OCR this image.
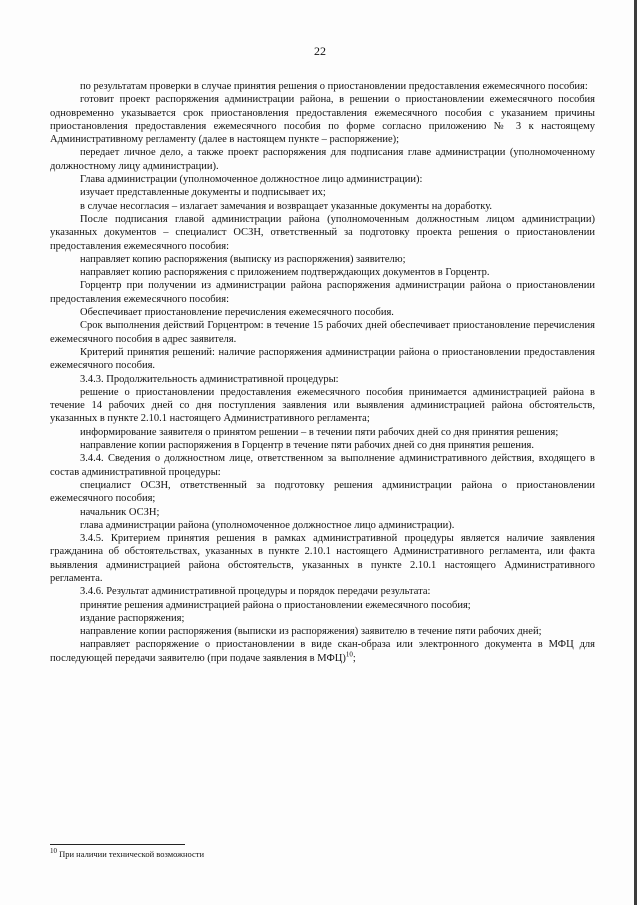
22

по результатам проверки в случае принятия решения о приостановлении предоставления ежемесячного пособия:

готовит проект распоряжения администрации района, в решении о приостановлении ежемесячного пособия одновременно указывается срок приостановления предоставления ежемесячного пособия с указанием причины приостановления предоставления ежемесячного пособия по форме согласно приложению № 3 к настоящему Административному регламенту (далее в настоящем пункте – распоряжение);

передает личное дело, а также проект распоряжения для подписания главе администрации (уполномоченному должностному лицу администрации).

Глава администрации (уполномоченное должностное лицо администрации):

изучает представленные документы и подписывает их;

в случае несогласия – излагает замечания и возвращает указанные документы на доработку.

После подписания главой администрации района (уполномоченным должностным лицом администрации) указанных документов – специалист ОСЗН, ответственный за подготовку проекта решения о приостановлении предоставления ежемесячного пособия:

направляет копию распоряжения (выписку из распоряжения) заявителю;

направляет копию распоряжения с приложением подтверждающих документов в Горцентр.

Горцентр при получении из администрации района распоряжения администрации района о приостановлении предоставления ежемесячного пособия:

Обеспечивает приостановление перечисления ежемесячного пособия.

Срок выполнения действий Горцентром: в течение 15 рабочих дней обеспечивает приостановление перечисления ежемесячного пособия в адрес заявителя.

Критерий принятия решений: наличие распоряжения администрации района о приостановлении предоставления ежемесячного пособия.

3.4.3. Продолжительность административной процедуры:

решение о приостановлении предоставления ежемесячного пособия принимается администрацией района в течение 14 рабочих дней со дня поступления заявления или выявления администрацией района обстоятельств, указанных в пункте 2.10.1 настоящего Административного регламента;

информирование заявителя о принятом решении – в течении пяти рабочих дней со дня принятия решения;

направление копии распоряжения в Горцентр в течение пяти рабочих дней со дня принятия решения.

3.4.4. Сведения о должностном лице, ответственном за выполнение административного действия, входящего в состав административной процедуры:

специалист ОСЗН, ответственный за подготовку решения администрации района о приостановлении ежемесячного пособия;

начальник ОСЗН;

глава администрации района (уполномоченное должностное лицо администрации).

3.4.5. Критерием принятия решения в рамках административной процедуры является наличие заявления гражданина об обстоятельствах, указанных в пункте 2.10.1 настоящего Административного регламента, или факта выявления администрацией района обстоятельств, указанных в пункте 2.10.1 настоящего Административного регламента.

3.4.6. Результат административной процедуры и порядок передачи результата:

принятие решения администрацией района о приостановлении ежемесячного пособия;

издание распоряжения;

направление копии распоряжения (выписки из распоряжения) заявителю в течение пяти рабочих дней;

направляет распоряжение о приостановлении в виде скан-образа или электронного документа в МФЦ для последующей передачи заявителю (при подаче заявления в МФЦ)$^{10}$;

$^{10}$ При наличии технической возможности
